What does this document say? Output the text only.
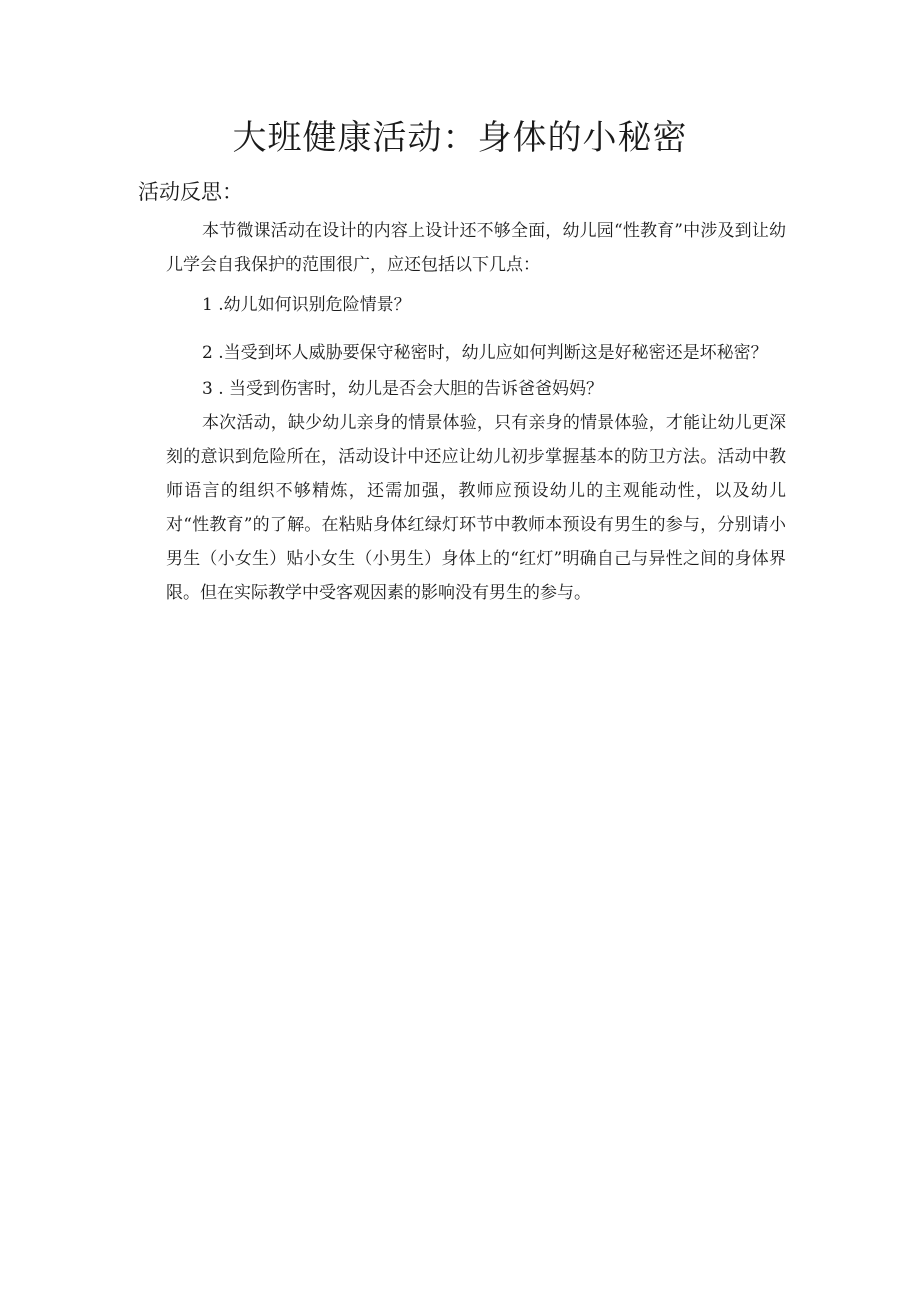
大班健康活动：身体的小秘密
活动反思：

本节微课活动在设计的内容上设计还不够全面，幼儿园“性教育”中涉及到让幼儿学会自我保护的范围很广，应还包括以下几点：

1 .幼儿如何识别危险情景？

2 .当受到坏人威胁要保守秘密时，幼儿应如何判断这是好秘密还是坏秘密？

3 . 当受到伤害时，幼儿是否会大胆的告诉爸爸妈妈？

本次活动，缺少幼儿亲身的情景体验，只有亲身的情景体验，才能让幼儿更深刻的意识到危险所在，活动设计中还应让幼儿初步掌握基本的防卫方法。活动中教师语言的组织不够精炼，还需加强，教师应预设幼儿的主观能动性，以及幼儿对“性教育”的了解。在粘贴身体红绿灯环节中教师本预设有男生的参与，分别请小男生（小女生）贴小女生（小男生）身体上的“红灯”明确自己与异性之间的身体界限。但在实际教学中受客观因素的影响没有男生的参与。
